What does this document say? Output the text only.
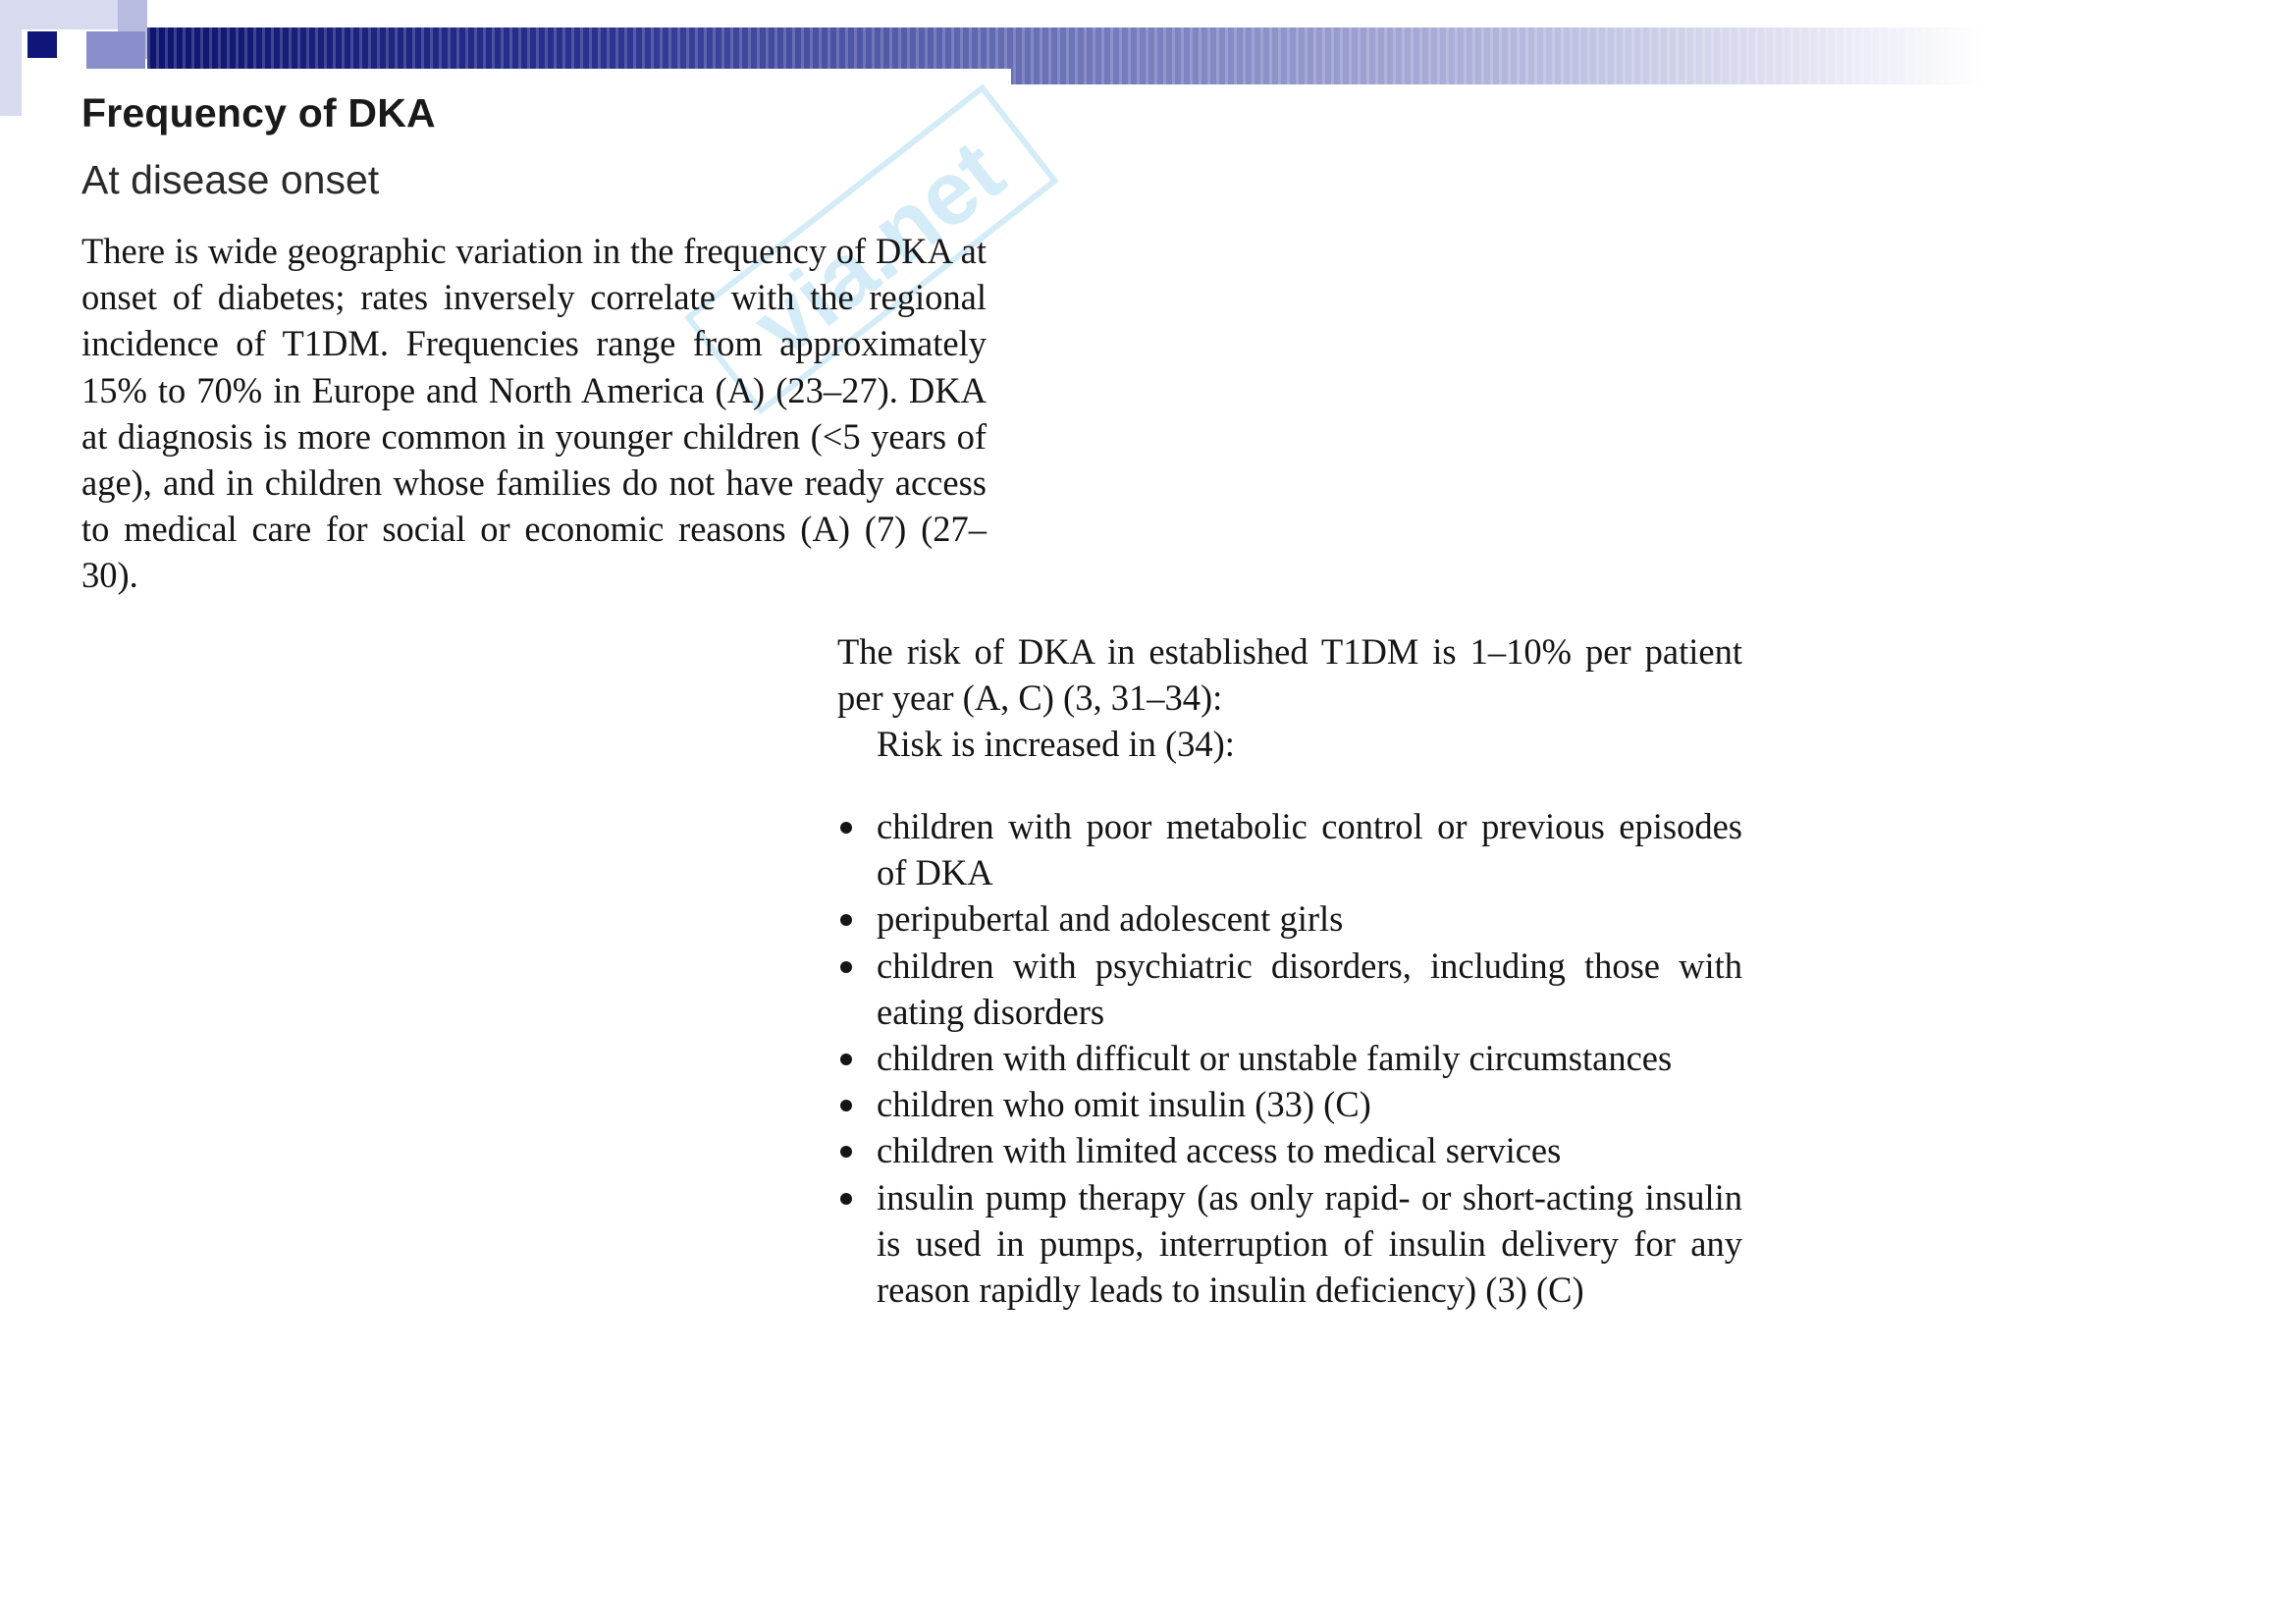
via.net
Frequency of DKA
At disease onset

There is wide geographic variation in the frequency of DKA at onset of diabetes; rates inversely correlate with the regional incidence of T1DM. Frequencies range from approximately 15% to 70% in Europe and North America (A) (23–27). DKA at diagnosis is more common in younger children (<5 years of age), and in children whose families do not have ready access to medical care for social or economic reasons (A) (7) (27–30).

The risk of DKA in established T1DM is 1–10% per patient per year (A, C) (3, 31–34):

Risk is increased in (34):

children with poor metabolic control or previous episodes of DKA
peripubertal and adolescent girls
children with psychiatric disorders, including those with eating disorders
children with difficult or unstable family circumstances
children who omit insulin (33) (C)
children with limited access to medical services
insulin pump therapy (as only rapid- or short-acting insulin is used in pumps, interruption of insulin delivery for any reason rapidly leads to insulin deficiency) (3) (C)
